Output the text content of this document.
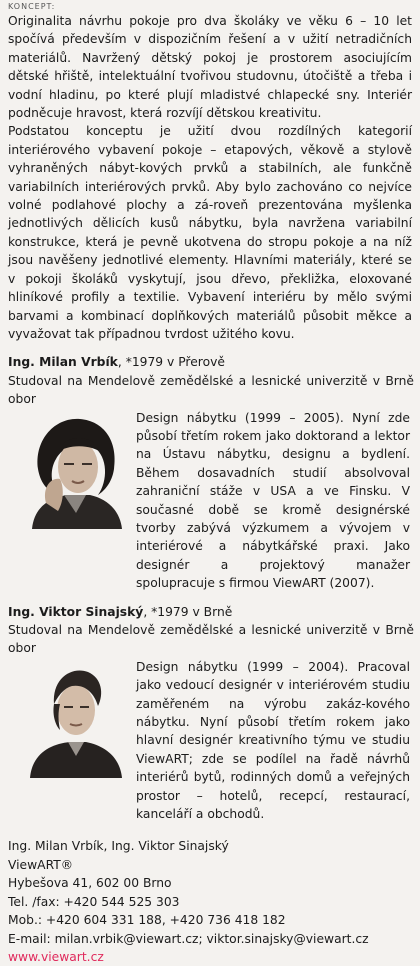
KONCEPT:

Originalita návrhu pokoje pro dva školáky ve věku 6 – 10 let spočívá především v dispozičním řešení a v užití netradičních materiálů. Navržený dětský pokoj je prostorem asociujícím dětské hřiště, intelektuální tvořivou studovnu, útočiště a třeba i vodní hladinu, po které plují mladistvé chlapecké sny. Interiér podněcuje hravost, která rozvíjí dětskou kreativitu.

Podstatou konceptu je užití dvou rozdílných kategorií interiérového vybavení pokoje – etapových, věkově a stylově vyhraněných nábyt-kových prvků a stabilních, ale funkčně variabilních interiérových prvků. Aby bylo zachováno co nejvíce volné podlahové plochy a zá-roveň prezentována myšlenka jednotlivých dělicích kusů nábytku, byla navržena variabilní konstrukce, která je pevně ukotvena do stropu pokoje a na níž jsou navěšeny jednotlivé elementy. Hlavními materiály, které se v pokoji školáků vyskytují, jsou dřevo, překližka, eloxované hliníkové profily a textilie. Vybavení interiéru by mělo svými barvami a kombinací doplňkových materiálů působit měkce a vyvažovat tak případnou tvrdost užitého kovu.

Ing. Milan Vrbík, *1979 v Přerově
Studoval na Mendelově zemědělské a lesnické univerzitě v Brně obor
Design nábytku (1999 – 2005). Nyní zde působí třetím rokem jako doktorand a lektor na Ústavu nábytku, designu a bydlení. Během dosavadních studií absolvoval zahraniční stáže v USA a ve Finsku. V současné době se kromě designérské tvorby zabývá výzkumem a vývojem v interiérové a nábytkářské praxi. Jako designér a projektový manažer spolupracuje s firmou ViewART (2007).
Ing. Viktor Sinajský, *1979 v Brně
Studoval na Mendelově zemědělské a lesnické univerzitě v Brně obor
Design nábytku (1999 – 2004). Pracoval jako vedoucí designér v interiérovém studiu zaměřeném na výrobu zakáz-kového nábytku. Nyní působí třetím rokem jako hlavní designér kreativního týmu ve studiu ViewART; zde se podílel na řadě návrhů interiérů bytů, rodinných domů a veřejných prostor – hotelů, recepcí, restaurací, kanceláří a obchodů.
Ing. Milan Vrbík, Ing. Viktor Sinajský
ViewART®
Hybešova 41, 602 00 Brno
Tel. /fax: +420 544 525 303
Mob.: +420 604 331 188, +420 736 418 182
E-mail: milan.vrbik@viewart.cz; viktor.sinajsky@viewart.cz
www.viewart.cz
